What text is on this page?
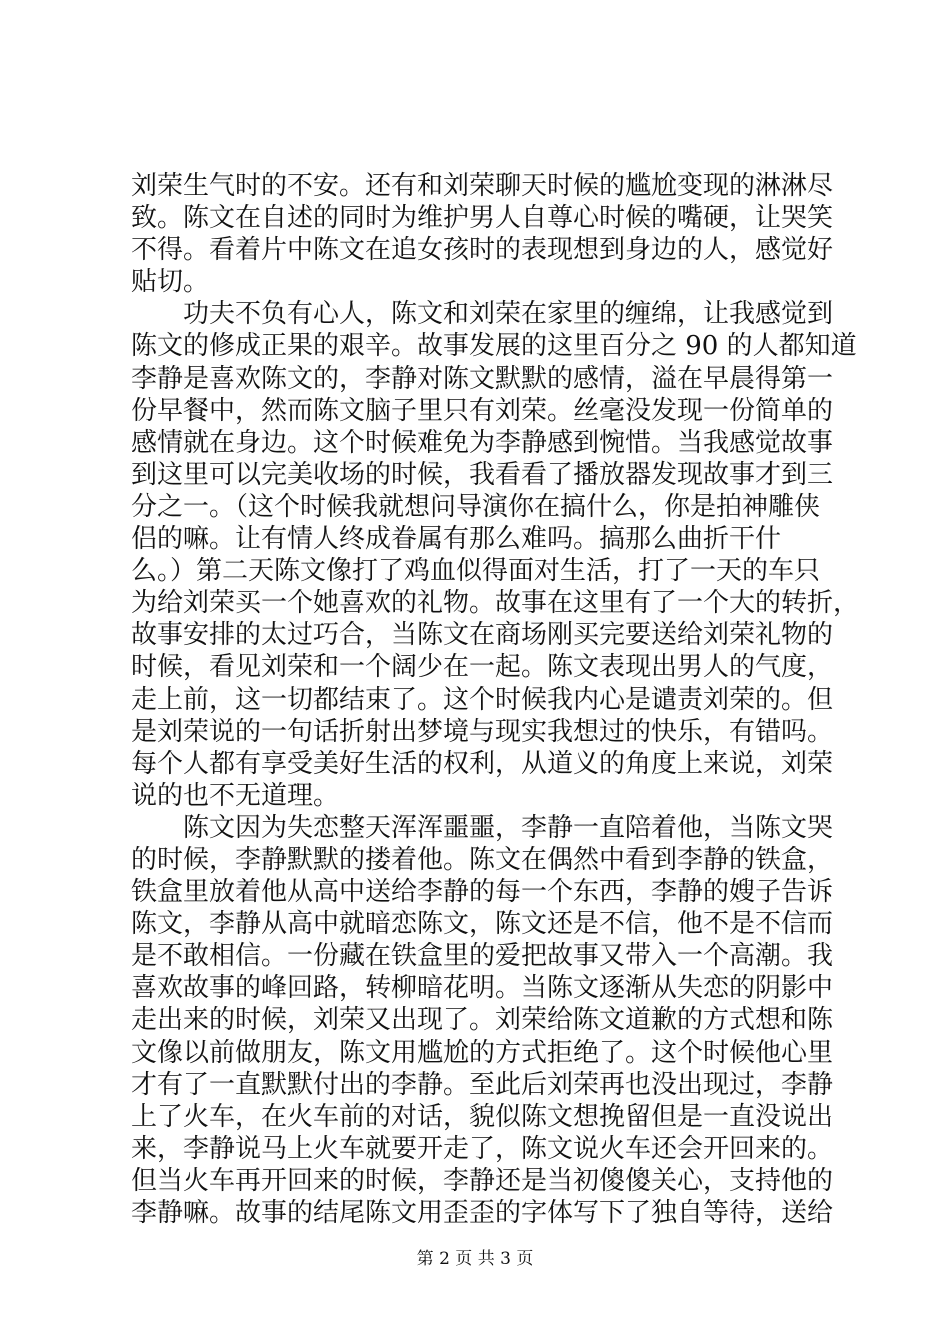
刘荣生气时的不安。还有和刘荣聊天时候的尴尬变现的淋淋尽
致。陈文在自述的同时为维护男人自尊心时候的嘴硬，让哭笑
不得。看着片中陈文在追女孩时的表现想到身边的人，感觉好
贴切。
　　功夫不负有心人，陈文和刘荣在家里的缠绵，让我感觉到
陈文的修成正果的艰辛。故事发展的这里百分之 90 的人都知道
李静是喜欢陈文的，李静对陈文默默的感情，溢在早晨得第一
份早餐中，然而陈文脑子里只有刘荣。丝毫没发现一份简单的
感情就在身边。这个时候难免为李静感到惋惜。当我感觉故事
到这里可以完美收场的时候，我看看了播放器发现故事才到三
分之一。（这个时候我就想问导演你在搞什么，你是拍神雕侠
侣的嘛。让有情人终成眷属有那么难吗。搞那么曲折干什
么。）第二天陈文像打了鸡血似得面对生活，打了一天的车只
为给刘荣买一个她喜欢的礼物。故事在这里有了一个大的转折，
故事安排的太过巧合，当陈文在商场刚买完要送给刘荣礼物的
时候，看见刘荣和一个阔少在一起。陈文表现出男人的气度，
走上前，这一切都结束了。这个时候我内心是谴责刘荣的。但
是刘荣说的一句话折射出梦境与现实我想过的快乐，有错吗。
每个人都有享受美好生活的权利，从道义的角度上来说，刘荣
说的也不无道理。
　　陈文因为失恋整天浑浑噩噩，李静一直陪着他，当陈文哭
的时候，李静默默的搂着他。陈文在偶然中看到李静的铁盒，
铁盒里放着他从高中送给李静的每一个东西，李静的嫂子告诉
陈文，李静从高中就暗恋陈文，陈文还是不信，他不是不信而
是不敢相信。一份藏在铁盒里的爱把故事又带入一个高潮。我
喜欢故事的峰回路，转柳暗花明。当陈文逐渐从失恋的阴影中
走出来的时候，刘荣又出现了。刘荣给陈文道歉的方式想和陈
文像以前做朋友，陈文用尴尬的方式拒绝了。这个时候他心里
才有了一直默默付出的李静。至此后刘荣再也没出现过，李静
上了火车，在火车前的对话，貌似陈文想挽留但是一直没说出
来，李静说马上火车就要开走了，陈文说火车还会开回来的。
但当火车再开回来的时候，李静还是当初傻傻关心，支持他的
李静嘛。故事的结尾陈文用歪歪的字体写下了独自等待，送给
第 2 页 共 3 页
